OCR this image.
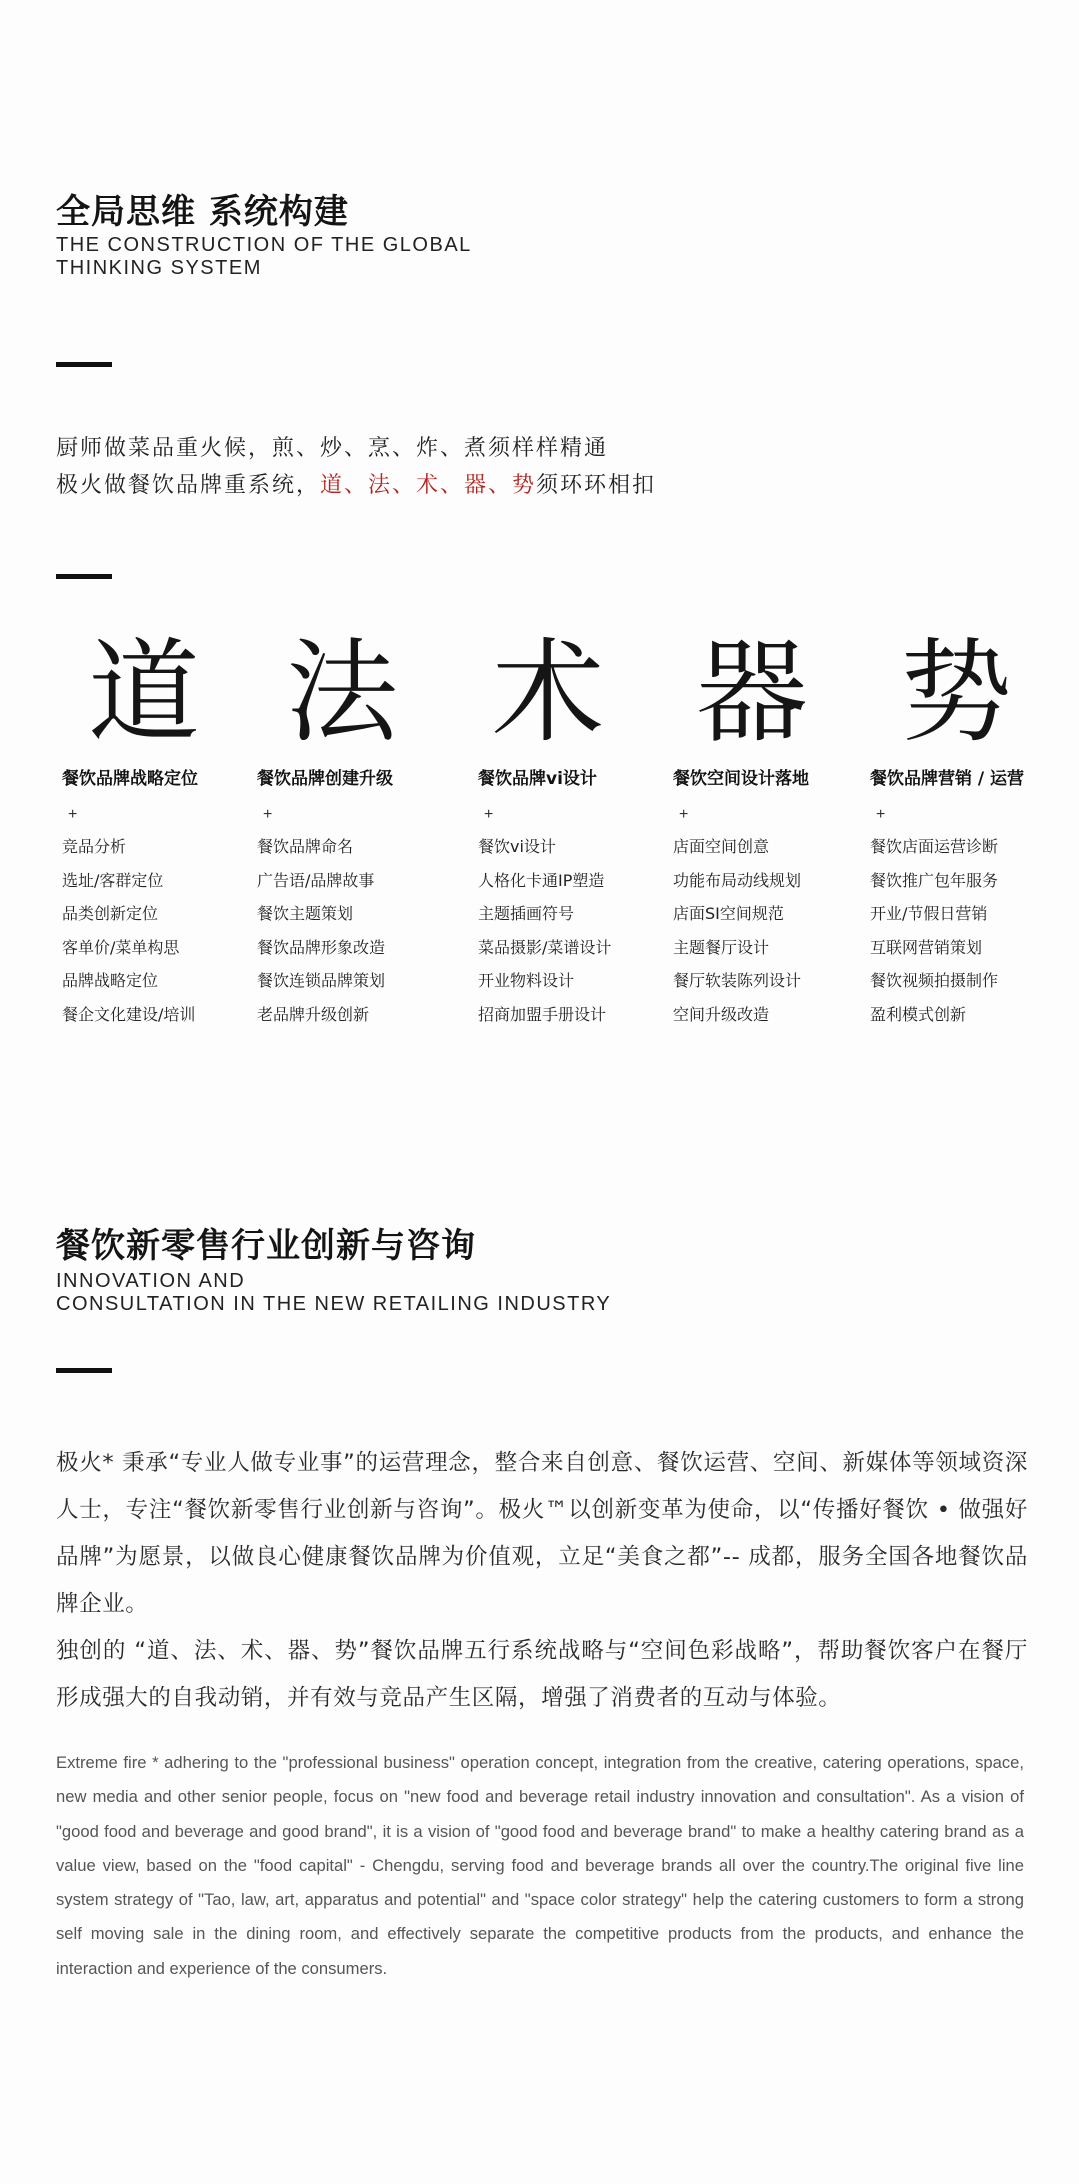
全局思维 系统构建
THE CONSTRUCTION OF THE GLOBAL
THINKING SYSTEM
厨师做菜品重火候，煎、炒、烹、炸、煮须样样精通
极火做餐饮品牌重系统，道、法、术、器、势须环环相扣
道 法 术 器 势
餐饮品牌战略定位
+
竞品分析
选址/客群定位
品类创新定位
客单价/菜单构思
品牌战略定位
餐企文化建设/培训
餐饮品牌创建升级
+
餐饮品牌命名
广告语/品牌故事
餐饮主题策划
餐饮品牌形象改造
餐饮连锁品牌策划
老品牌升级创新
餐饮品牌vi设计
+
餐饮vi设计
人格化卡通IP塑造
主题插画符号
菜品摄影/菜谱设计
开业物料设计
招商加盟手册设计
餐饮空间设计落地
+
店面空间创意
功能布局动线规划
店面SI空间规范
主题餐厅设计
餐厅软装陈列设计
空间升级改造
餐饮品牌营销 / 运营
+
餐饮店面运营诊断
餐饮推广包年服务
开业/节假日营销
互联网营销策划
餐饮视频拍摄制作
盈利模式创新
餐饮新零售行业创新与咨询
INNOVATION AND
CONSULTATION IN THE NEW RETAILING INDUSTRY
极火* 秉承“专业人做专业事”的运营理念，整合来自创意、餐饮运营、空间、新媒体等领域资深人士，专注“餐饮新零售行业创新与咨询”。极火™以创新变革为使命，以“传播好餐饮 • 做强好品牌”为愿景，以做良心健康餐饮品牌为价值观，立足“美食之都”-- 成都，服务全国各地餐饮品牌企业。
独创的 “道、法、术、器、势”餐饮品牌五行系统战略与“空间色彩战略”，帮助餐饮客户在餐厅形成强大的自我动销，并有效与竞品产生区隔，增强了消费者的互动与体验。
Extreme fire * adhering to the "professional business" operation concept, integration from the creative, catering operations, space, new media and other senior people, focus on "new food and beverage retail industry innovation and consultation". As a vision of "good food and beverage and good brand", it is a vision of "good food and beverage brand" to make a healthy catering brand as a value view, based on the "food capital" - Chengdu, serving food and beverage brands all over the country.The original five line system strategy of "Tao, law, art, apparatus and potential" and "space color strategy" help the catering customers to form a strong self moving sale in the dining room, and effectively separate the competitive products from the products, and enhance the interaction and experience of the consumers.
